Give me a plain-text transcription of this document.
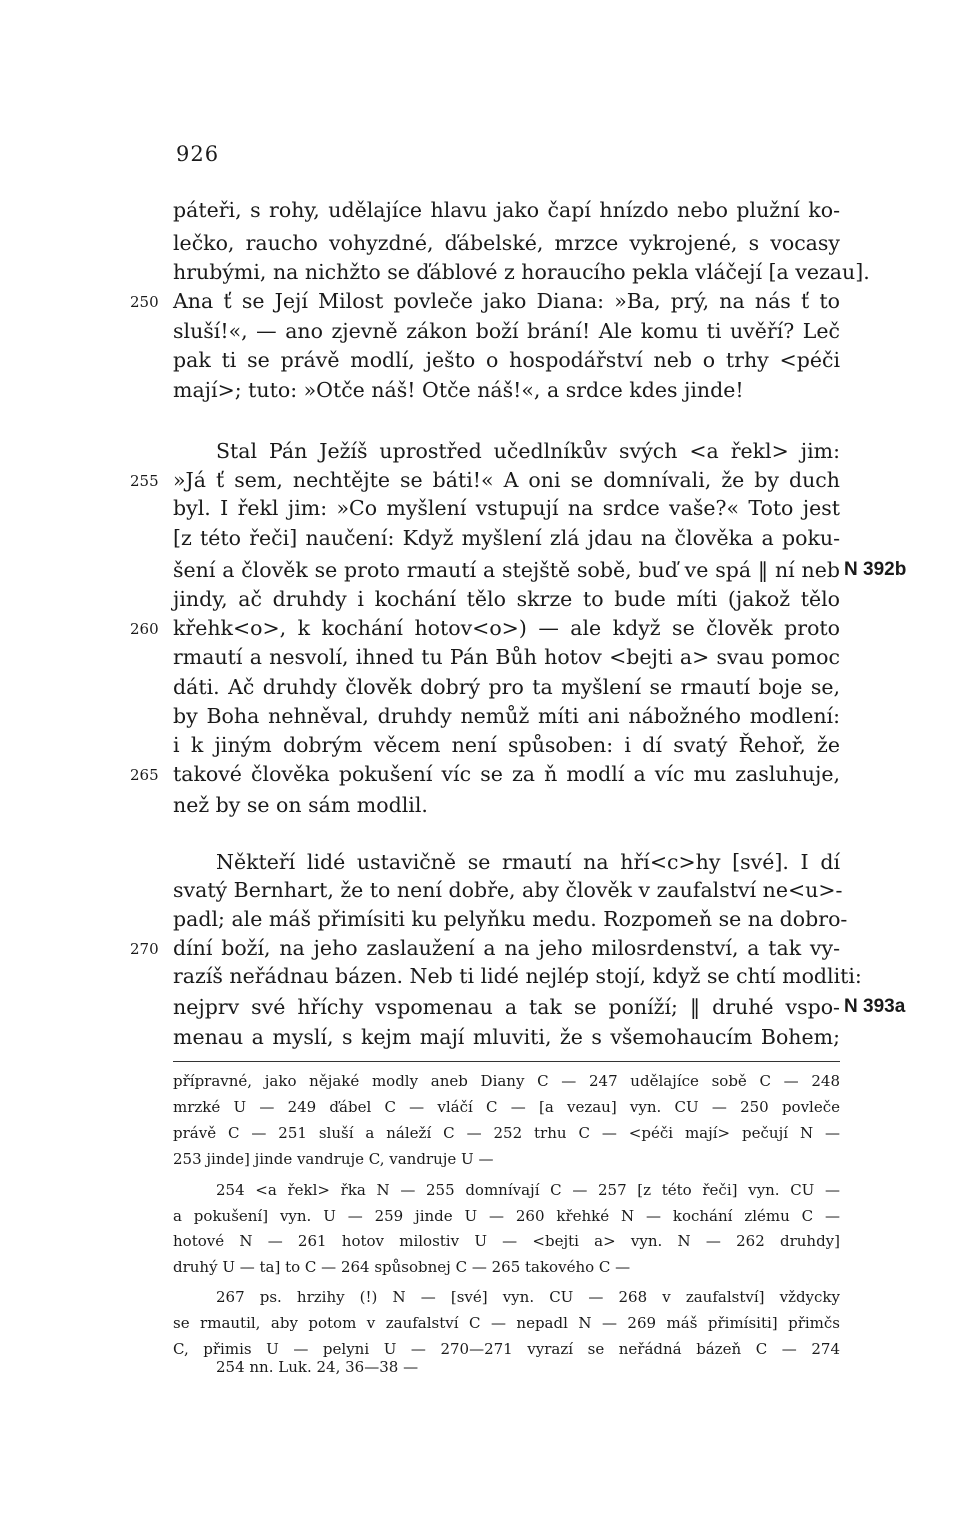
926
páteři, s rohy, udělajíce hlavu jako čapí hnízdo nebo plužní ko-
lečko, raucho vohyzdné, ďábelské, mrzce vykrojené, s vocasy
hrubými, na nichžto se ďáblové z horaucího pekla vláčejí [a vezau].
Ana ť se Její Milost povleče jako Diana: »Ba, prý, na nás ť to
250
sluší!«, — ano zjevně zákon boží brání! Ale komu ti uvěří? Leč
pak ti se právě modlí, ješto o hospodářství neb o trhy <péči
mají>; tuto: »Otče náš! Otče náš!«, a srdce kdes jinde!
Stal Pán Ježíš uprostřed učedlníkův svých <a řekl> jim:
»Já ť sem, nechtějte se báti!« A oni se domnívali, že by duch
255
byl. I řekl jim: »Co myšlení vstupují na srdce vaše?« Toto jest
[z této řeči] naučení: Když myšlení zlá jdau na člověka a poku-
šení a člověk se proto rmautí a stejště sobě, buď ve spá ‖ ní neb
jindy, ač druhdy i kochání tělo skrze to bude míti (jakož tělo
křehk<o>, k kochání hotov<o>) — ale když se člověk proto
260
rmautí a nesvolí, ihned tu Pán Bůh hotov <bejti a> svau pomoc
dáti. Ač druhdy člověk dobrý pro ta myšlení se rmautí boje se,
by Boha nehněval, druhdy nemůž míti ani nábožného modlení:
i k jiným dobrým věcem není spůsoben: i dí svatý Řehoř, že
takové člověka pokušení víc se za ň modlí a víc mu zasluhuje,
265
než by se on sám modlil.
Někteří lidé ustavičně se rmautí na hří<c>hy [své]. I dí
svatý Bernhart, že to není dobře, aby člověk v zaufalství ne<u>-
padl; ale máš přimísiti ku pelyňku medu. Rozpomeň se na dobro-
díní boží, na jeho zaslaužení a na jeho milosrdenství, a tak vy-
270
razíš neřádnau bázen. Neb ti lidé nejlép stojí, když se chtí modliti:
nejprv své hříchy vspomenau a tak se poníží; ‖ druhé vspo-
menau a myslí, s kejm mají mluviti, že s všemohaucím Bohem;
N 392b
N 393a
přípravné, jako nějaké modly aneb Diany C — 247 udělajíce sobě C — 248
mrzké U — 249 ďábel C — vláčí C — [a vezau] vyn. CU — 250 povleče
právě C — 251 sluší a náleží C — 252 trhu C — <péči mají> pečují N —
253 jinde] jinde vandruje C, vandruje U —
254 <a řekl> řka N — 255 domnívají C — 257 [z této řeči] vyn. CU —
a pokušení] vyn. U — 259 jinde U — 260 křehké N — kochání zlému C —
hotové N — 261 hotov milostiv U — <bejti a> vyn. N — 262 druhdy]
druhý U — ta] to C — 264 spůsobnej C — 265 takového C —
267 ps. hrzihy (!) N — [své] vyn. CU — 268 v zaufalství] vždycky
se rmautil, aby potom v zaufalství C — nepadl N — 269 máš přimísiti] přimčs
C, přimis U — pelyni U — 270—271 vyrazí se neřádná bázeň C — 274
254 nn. Luk. 24, 36—38 —
